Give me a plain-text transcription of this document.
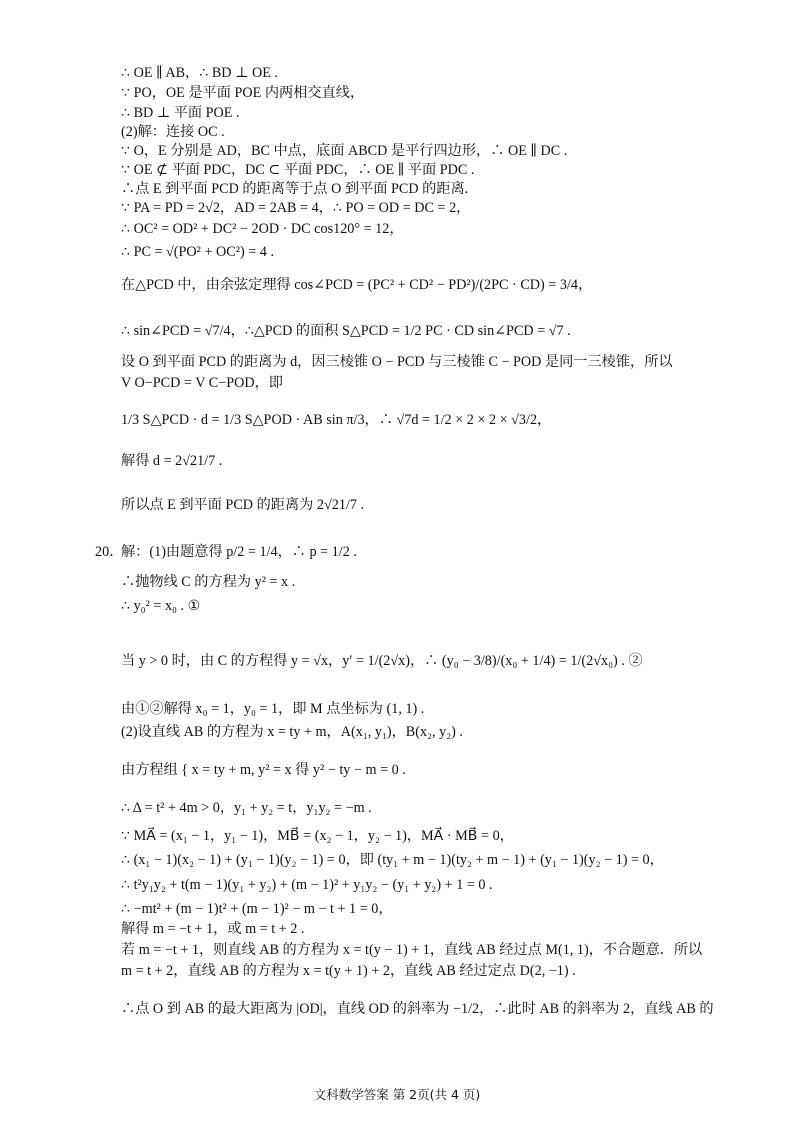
∴ OE ∥ AB，∴ BD ⊥ OE .
∵ PO，OE 是平面 POE 内两相交直线，
∴ BD ⊥ 平面 POE .
(2)解：连接 OC .
∵ O，E 分别是 AD，BC 中点，底面 ABCD 是平行四边形，∴ OE ∥ DC .
∵ OE ⊄ 平面 PDC，DC ⊂ 平面 PDC，∴ OE ∥ 平面 PDC .
∴点 E 到平面 PCD 的距离等于点 O 到平面 PCD 的距离.
∵ PA = PD = 2√2，AD = 2AB = 4，∴ PO = OD = DC = 2，
∴ OC² = OD² + DC² − 2OD · DC cos120° = 12，
∴ PC = √(PO² + OC²) = 4 .
在△PCD 中，由余弦定理得 cos∠PCD = (PC² + CD² − PD²)/(2PC · CD) = 3/4，
∴ sin∠PCD = √7/4，∴△PCD 的面积 S△PCD = 1/2 PC · CD sin∠PCD = √7 .
设 O 到平面 PCD 的距离为 d，因三棱锥 O − PCD 与三棱锥 C − POD 是同一三棱锥，所以
V O−PCD = V C−POD，即
1/3 S△PCD · d = 1/3 S△POD · AB sin π/3，∴ √7d = 1/2 × 2 × 2 × √3/2，
解得 d = 2√21/7 .
所以点 E 到平面 PCD 的距离为 2√21/7 .
20．
解：(1)由题意得 p/2 = 1/4，∴ p = 1/2 .
∴抛物线 C 的方程为 y² = x .
∴ y₀² = x₀ . ①
当 y > 0 时，由 C 的方程得 y = √x，y′ = 1/(2√x)，∴ (y₀ − 3/8)/(x₀ + 1/4) = 1/(2√x₀) . ②
由①②解得 x₀ = 1，y₀ = 1，即 M 点坐标为 (1, 1) .
(2)设直线 AB 的方程为 x = ty + m，A(x₁, y₁)，B(x₂, y₂) .
由方程组 { x = ty + m, y² = x 得 y² − ty − m = 0 .
∴ Δ = t² + 4m > 0，y₁ + y₂ = t，y₁y₂ = −m .
∵ MA⃗ = (x₁ − 1，y₁ − 1)，MB⃗ = (x₂ − 1，y₂ − 1)，MA⃗ · MB⃗ = 0，
∴ (x₁ − 1)(x₂ − 1) + (y₁ − 1)(y₂ − 1) = 0，即 (ty₁ + m − 1)(ty₂ + m − 1) + (y₁ − 1)(y₂ − 1) = 0，
∴ t²y₁y₂ + t(m − 1)(y₁ + y₂) + (m − 1)² + y₁y₂ − (y₁ + y₂) + 1 = 0 .
∴ −mt² + (m − 1)t² + (m − 1)² − m − t + 1 = 0，
解得 m = −t + 1，或 m = t + 2 .
若 m = −t + 1，则直线 AB 的方程为 x = t(y − 1) + 1，直线 AB 经过点 M(1, 1)，不合题意．所以
m = t + 2，直线 AB 的方程为 x = t(y + 1) + 2，直线 AB 经过定点 D(2, −1) .
∴点 O 到 AB 的最大距离为 |OD|，直线 OD 的斜率为 −1/2，∴此时 AB 的斜率为 2，直线 AB 的
文科数学答案 第 2页(共 4 页)
